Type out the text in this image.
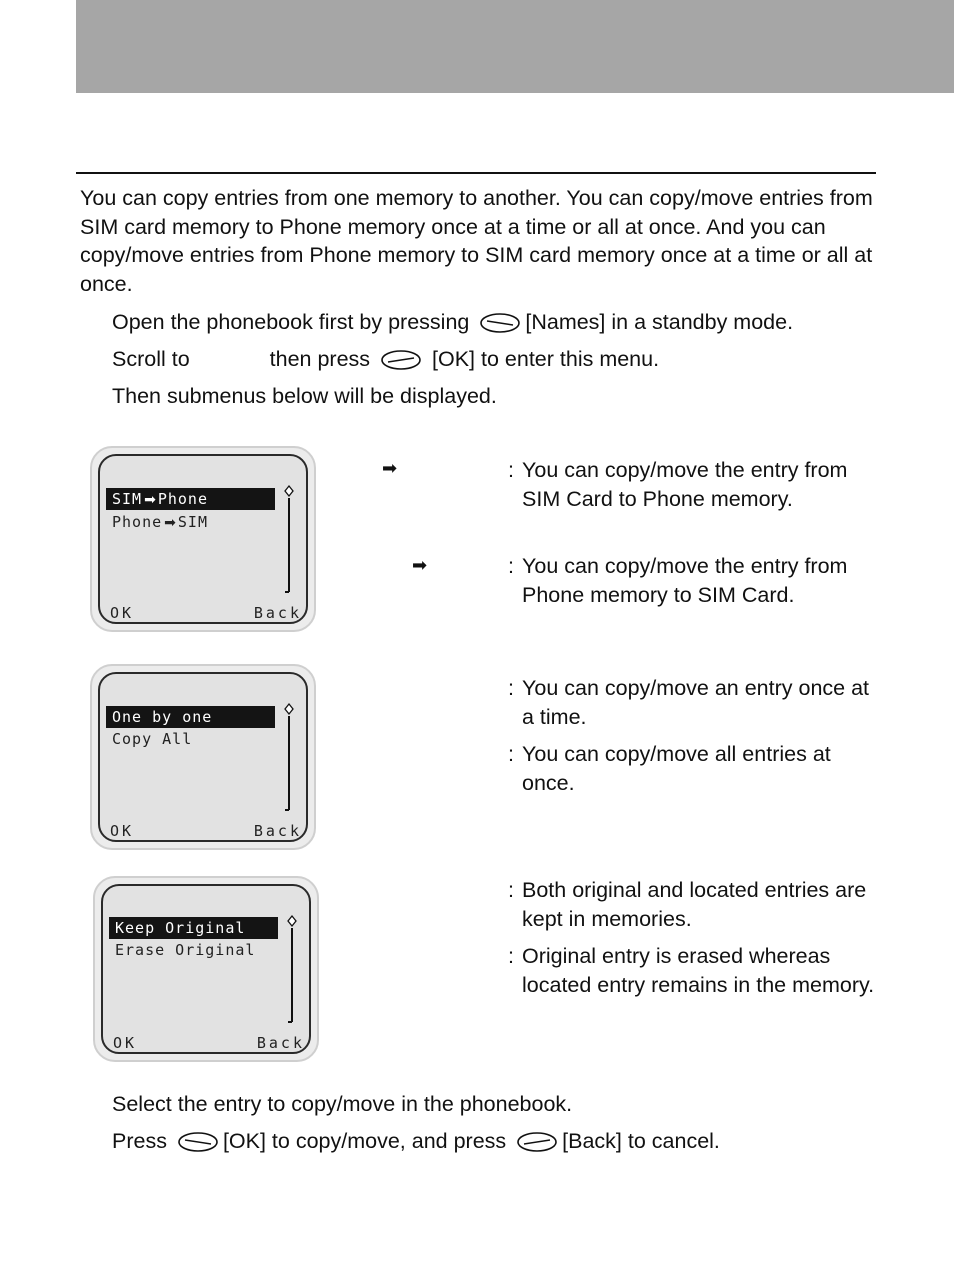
You can copy entries from one memory to another. You can copy/move entries from SIM card memory to Phone memory once at a time or all at once. And you can copy/move entries from Phone memory to SIM card memory once at a time or all at once.

Open the phonebook first by pressing	[Names] in a standby mode.
Scroll to	then press	[OK] to enter this menu.
Then submenus below will be displayed.
SIM ➡ Phone
Phone ➡ SIM
OK	Back
One by one
Copy All
OK	Back
Keep Original
Erase Original
OK	Back
➡
➡
: You can copy/move the entry from SIM Card to Phone memory.
: You can copy/move the entry from Phone memory to SIM Card.
: You can copy/move an entry once at a time.
: You can copy/move all entries at once.
: Both original and located entries are kept in memories.
: Original entry is erased whereas located entry remains in the memory.
Select the entry to copy/move in the phonebook.
Press	[OK] to copy/move, and press	[Back] to cancel.
